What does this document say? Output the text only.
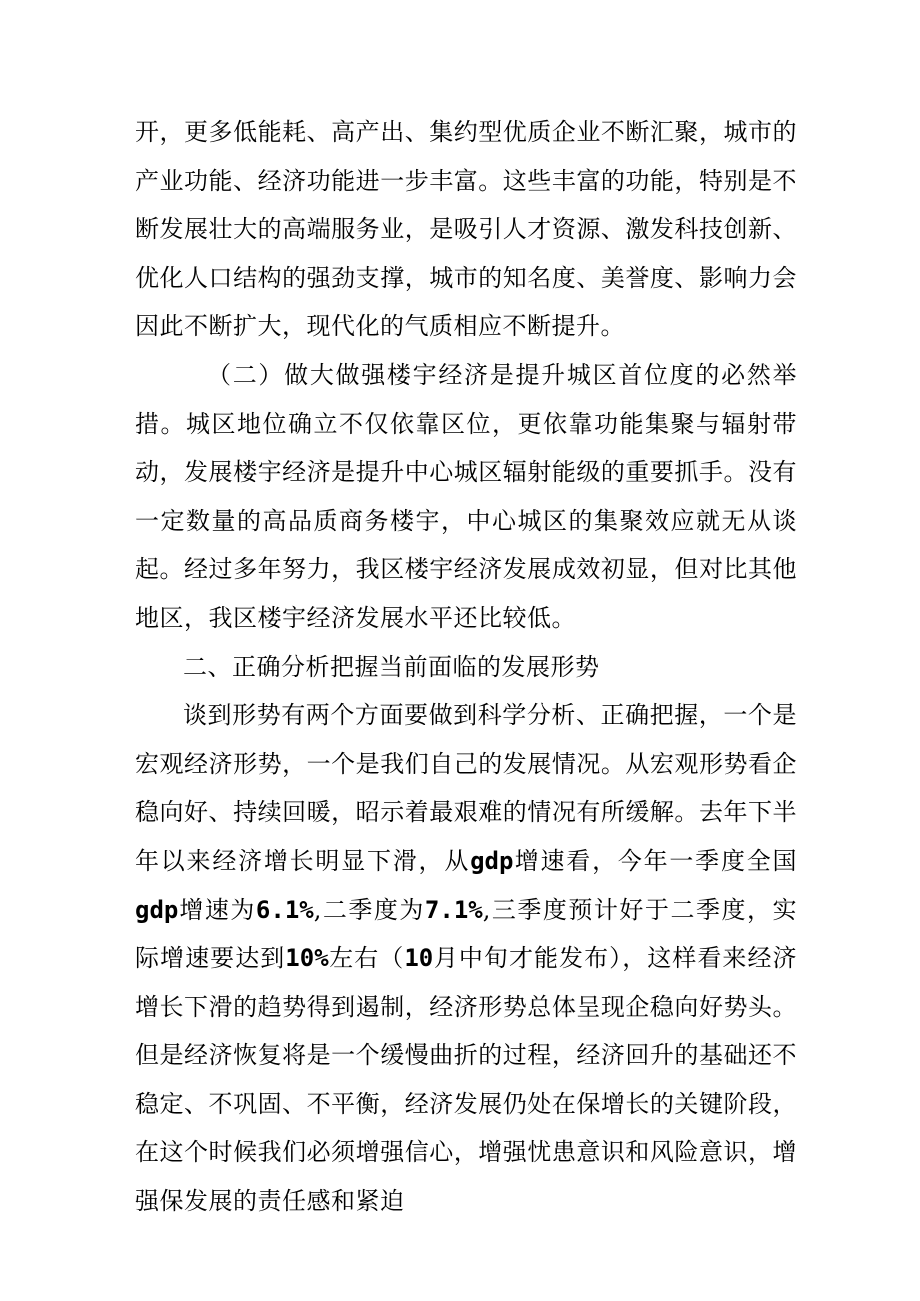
开，更多低能耗、高产出、集约型优质企业不断汇聚，城市的产业功能、经济功能进一步丰富。这些丰富的功能，特别是不断发展壮大的高端服务业，是吸引人才资源、激发科技创新、优化人口结构的强劲支撑，城市的知名度、美誉度、影响力会因此不断扩大，现代化的气质相应不断提升。

（二）做大做强楼宇经济是提升城区首位度的必然举措。城区地位确立不仅依靠区位，更依靠功能集聚与辐射带动，发展楼宇经济是提升中心城区辐射能级的重要抓手。没有一定数量的高品质商务楼宇，中心城区的集聚效应就无从谈起。经过多年努力，我区楼宇经济发展成效初显，但对比其他地区，我区楼宇经济发展水平还比较低。

二、正确分析把握当前面临的发展形势

谈到形势有两个方面要做到科学分析、正确把握，一个是宏观经济形势，一个是我们自己的发展情况。从宏观形势看企稳向好、持续回暖，昭示着最艰难的情况有所缓解。去年下半年以来经济增长明显下滑，从gdp增速看，今年一季度全国gdp增速为6.1%,二季度为7.1%,三季度预计好于二季度，实际增速要达到10%左右（10月中旬才能发布），这样看来经济增长下滑的趋势得到遏制，经济形势总体呈现企稳向好势头。但是经济恢复将是一个缓慢曲折的过程，经济回升的基础还不稳定、不巩固、不平衡，经济发展仍处在保增长的关键阶段，在这个时候我们必须增强信心，增强忧患意识和风险意识，增强保发展的责任感和紧迫
